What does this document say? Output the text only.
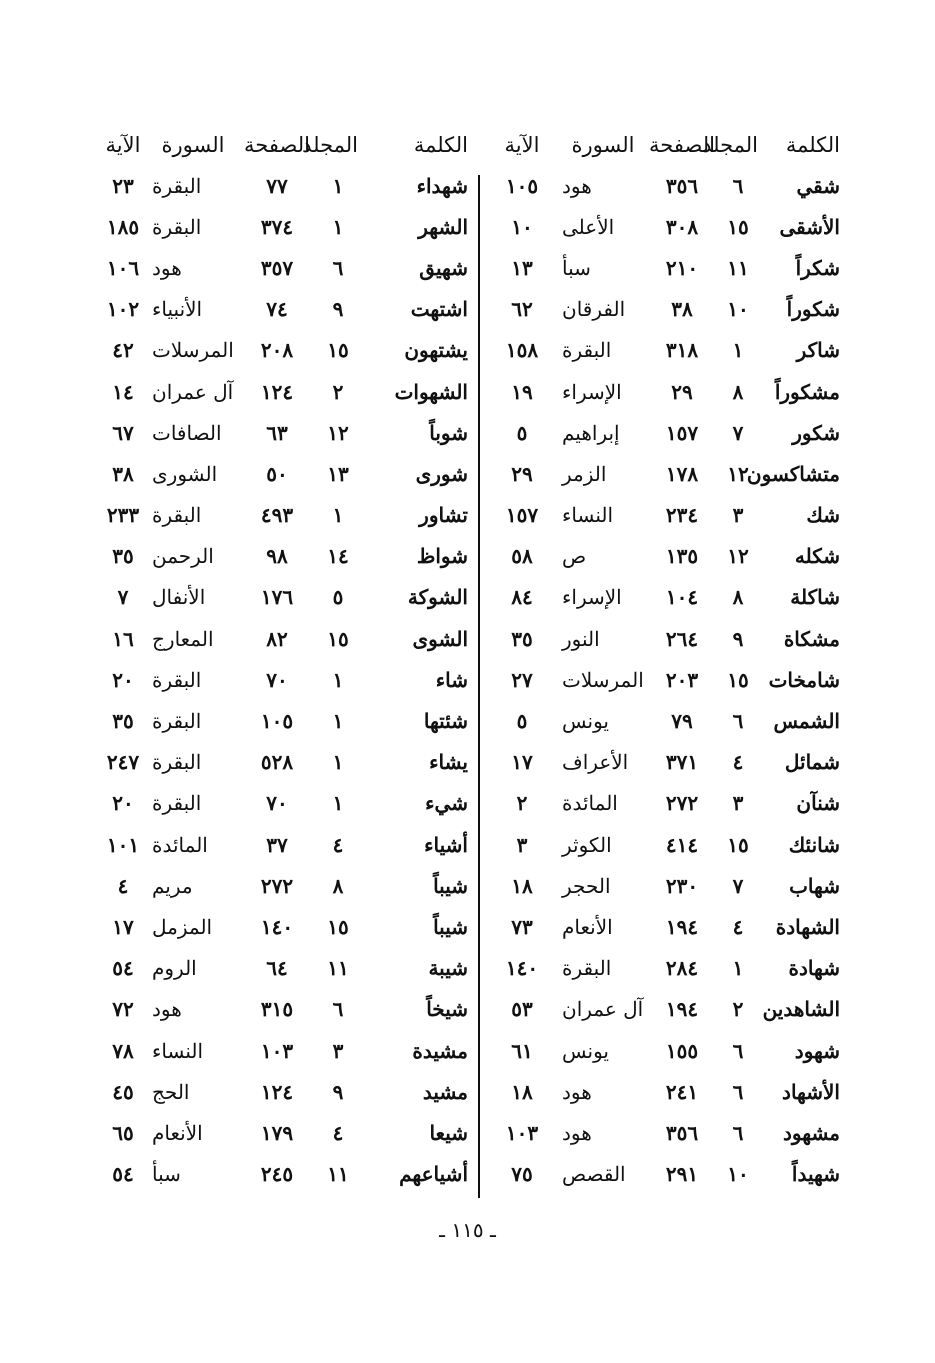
الكلمة	المجلد	الصفحة	السورة	الآية
شقي	٦	٣٥٦	هود	١٠٥
الأشقى	١٥	٣٠٨	الأعلى	١٠
شكراً	١١	٢١٠	سبأ	١٣
شكوراً	١٠	٣٨	الفرقان	٦٢
شاكر	١	٣١٨	البقرة	١٥٨
مشكوراً	٨	٢٩	الإسراء	١٩
شكور	٧	١٥٧	إبراهيم	٥
متشاكسون	١٢	١٧٨	الزمر	٢٩
شك	٣	٢٣٤	النساء	١٥٧
شكله	١٢	١٣٥	ص	٥٨
شاكلة	٨	١٠٤	الإسراء	٨٤
مشكاة	٩	٢٦٤	النور	٣٥
شامخات	١٥	٢٠٣	المرسلات	٢٧
الشمس	٦	٧٩	يونس	٥
شمائل	٤	٣٧١	الأعراف	١٧
شنآن	٣	٢٧٢	المائدة	٢
شانئك	١٥	٤١٤	الكوثر	٣
شهاب	٧	٢٣٠	الحجر	١٨
الشهادة	٤	١٩٤	الأنعام	٧٣
شهادة	١	٢٨٤	البقرة	١٤٠
الشاهدين	٢	١٩٤	آل عمران	٥٣
شهود	٦	١٥٥	يونس	٦١
الأشهاد	٦	٢٤١	هود	١٨
مشهود	٦	٣٥٦	هود	١٠٣
شهيداً	١٠	٢٩١	القصص	٧٥
الكلمة	المجلد	الصفحة	السورة	الآية
شهداء	١	٧٧	البقرة	٢٣
الشهر	١	٣٧٤	البقرة	١٨٥
شهيق	٦	٣٥٧	هود	١٠٦
اشتهت	٩	٧٤	الأنبياء	١٠٢
يشتهون	١٥	٢٠٨	المرسلات	٤٢
الشهوات	٢	١٢٤	آل عمران	١٤
شوباً	١٢	٦٣	الصافات	٦٧
شورى	١٣	٥٠	الشورى	٣٨
تشاور	١	٤٩٣	البقرة	٢٣٣
شواظ	١٤	٩٨	الرحمن	٣٥
الشوكة	٥	١٧٦	الأنفال	٧
الشوى	١٥	٨٢	المعارج	١٦
شاء	١	٧٠	البقرة	٢٠
شئتها	١	١٠٥	البقرة	٣٥
يشاء	١	٥٢٨	البقرة	٢٤٧
شيء	١	٧٠	البقرة	٢٠
أشياء	٤	٣٧	المائدة	١٠١
شيباً	٨	٢٧٢	مريم	٤
شيباً	١٥	١٤٠	المزمل	١٧
شيبة	١١	٦٤	الروم	٥٤
شيخاً	٦	٣١٥	هود	٧٢
مشيدة	٣	١٠٣	النساء	٧٨
مشيد	٩	١٢٤	الحج	٤٥
شيعا	٤	١٧٩	الأنعام	٦٥
أشياعهم	١١	٢٤٥	سبأ	٥٤
ـ ١١٥ ـ
